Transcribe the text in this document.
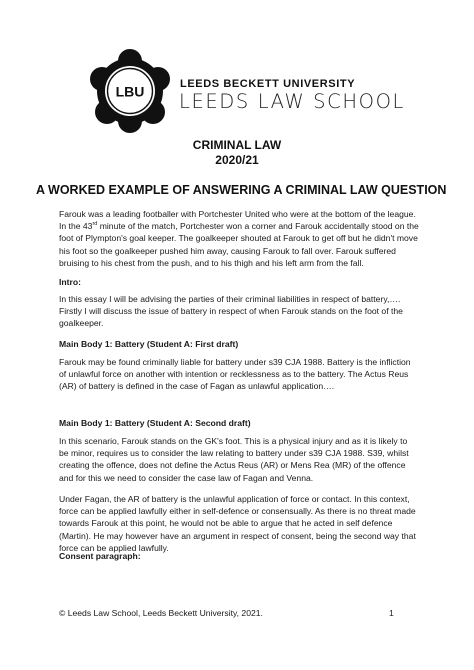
LBU	LEEDS BECKETT UNIVERSITY
LEEDS LAW SCHOOL
CRIMINAL LAW
2020/21
A WORKED EXAMPLE OF ANSWERING A CRIMINAL LAW QUESTION
Farouk was a leading footballer with Portchester United who were at the bottom of the league. In the 43rd minute of the match, Portchester won a corner and Farouk accidentally stood on the foot of Plympton's goal keeper. The goalkeeper shouted at Farouk to get off but he didn't move his foot so the goalkeeper pushed him away, causing Farouk to fall over. Farouk suffered bruising to his chest from the push, and to his thigh and his left arm from the fall.
Intro:
In this essay I will be advising the parties of their criminal liabilities in respect of battery,…. Firstly I will discuss the issue of battery in respect of when Farouk stands on the foot of the goalkeeper.
Main Body 1: Battery (Student A: First draft)
Farouk may be found criminally liable for battery under s39 CJA 1988. Battery is the infliction of unlawful force on another with intention or recklessness as to the battery. The Actus Reus (AR) of battery is defined in the case of Fagan as unlawful application….
Main Body 1: Battery (Student A: Second draft)
In this scenario, Farouk stands on the GK's foot. This is a physical injury and as it is likely to be minor, requires us to consider the law relating to battery under s39 CJA 1988. S39, whilst creating the offence, does not define the Actus Reus (AR) or Mens Rea (MR) of the offence and for this we need to consider the case law of Fagan and Venna.
Under Fagan, the AR of battery is the unlawful application of force or contact. In this context, force can be applied lawfully either in self-defence or consensually. As there is no threat made towards Farouk at this point, he would not be able to argue that he acted in self defence (Martin). He may however have an argument in respect of consent, being the second way that force can be applied lawfully.
Consent paragraph:
© Leeds Law School, Leeds Beckett University, 2021.	1
